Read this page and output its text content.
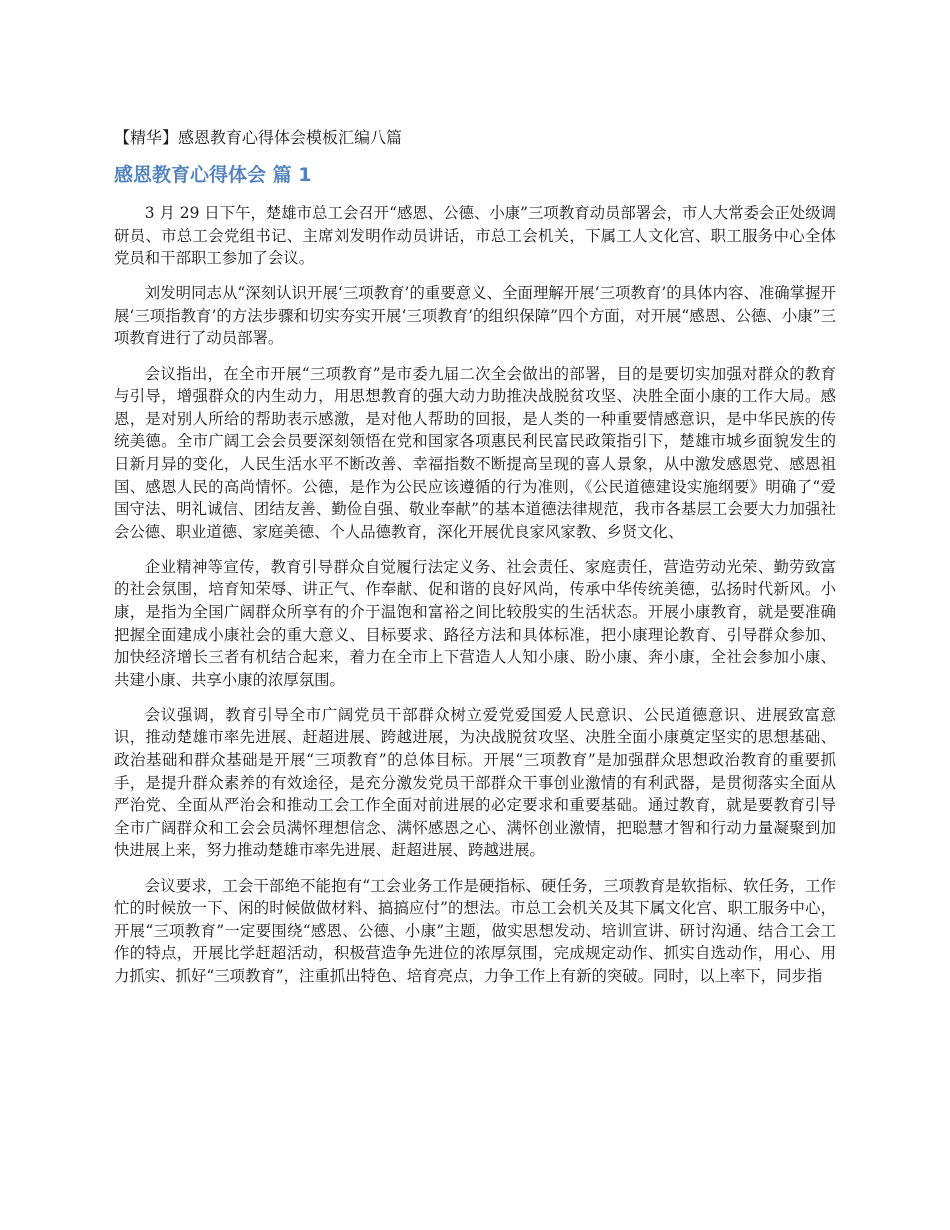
【精华】感恩教育心得体会模板汇编八篇
感恩教育心得体会 篇 1

3 月 29 日下午，楚雄市总工会召开“感恩、公德、小康”三项教育动员部署会，市人大常委会正处级调研员、市总工会党组书记、主席刘发明作动员讲话，市总工会机关，下属工人文化宫、职工服务中心全体党员和干部职工参加了会议。

刘发明同志从“深刻认识开展‘三项教育’的重要意义、全面理解开展‘三项教育’的具体内容、准确掌握开展‘三项指教育’的方法步骤和切实夯实开展‘三项教育’的组织保障”四个方面，对开展“感恩、公德、小康”三项教育进行了动员部署。

会议指出，在全市开展“三项教育”是市委九届二次全会做出的部署，目的是要切实加强对群众的教育与引导，增强群众的内生动力，用思想教育的强大动力助推决战脱贫攻坚、决胜全面小康的工作大局。感恩，是对别人所给的帮助表示感激，是对他人帮助的回报，是人类的一种重要情感意识，是中华民族的传统美德。全市广阔工会会员要深刻领悟在党和国家各项惠民利民富民政策指引下，楚雄市城乡面貌发生的日新月异的变化，人民生活水平不断改善、幸福指数不断提高呈现的喜人景象，从中激发感恩党、感恩祖国、感恩人民的高尚情怀。公德，是作为公民应该遵循的行为准则，《公民道德建设实施纲要》明确了“爱国守法、明礼诚信、团结友善、勤俭自强、敬业奉献”的基本道德法律规范，我市各基层工会要大力加强社会公德、职业道德、家庭美德、个人品德教育，深化开展优良家风家教、乡贤文化、

企业精神等宣传，教育引导群众自觉履行法定义务、社会责任、家庭责任，营造劳动光荣、勤劳致富的社会氛围，培育知荣辱、讲正气、作奉献、促和谐的良好风尚，传承中华传统美德，弘扬时代新风。小康，是指为全国广阔群众所享有的介于温饱和富裕之间比较殷实的生活状态。开展小康教育，就是要准确把握全面建成小康社会的重大意义、目标要求、路径方法和具体标准，把小康理论教育、引导群众参加、加快经济增长三者有机结合起来，着力在全市上下营造人人知小康、盼小康、奔小康，全社会参加小康、共建小康、共享小康的浓厚氛围。

会议强调，教育引导全市广阔党员干部群众树立爱党爱国爱人民意识、公民道德意识、进展致富意识，推动楚雄市率先进展、赶超进展、跨越进展，为决战脱贫攻坚、决胜全面小康奠定坚实的思想基础、政治基础和群众基础是开展“三项教育”的总体目标。开展“三项教育”是加强群众思想政治教育的重要抓手，是提升群众素养的有效途径，是充分激发党员干部群众干事创业激情的有利武器，是贯彻落实全面从严治党、全面从严治会和推动工会工作全面对前进展的必定要求和重要基础。通过教育，就是要教育引导全市广阔群众和工会会员满怀理想信念、满怀感恩之心、满怀创业激情，把聪慧才智和行动力量凝聚到加快进展上来，努力推动楚雄市率先进展、赶超进展、跨越进展。

会议要求，工会干部绝不能抱有“工会业务工作是硬指标、硬任务，三项教育是软指标、软任务，工作忙的时候放一下、闲的时候做做材料、搞搞应付”的想法。市总工会机关及其下属文化宫、职工服务中心，开展“三项教育”一定要围绕“感恩、公德、小康”主题，做实思想发动、培训宣讲、研讨沟通、结合工会工作的特点，开展比学赶超活动，积极营造争先进位的浓厚氛围，完成规定动作、抓实自选动作，用心、用力抓实、抓好“三项教育”，注重抓出特色、培育亮点，力争工作上有新的突破。同时，以上率下，同步指
